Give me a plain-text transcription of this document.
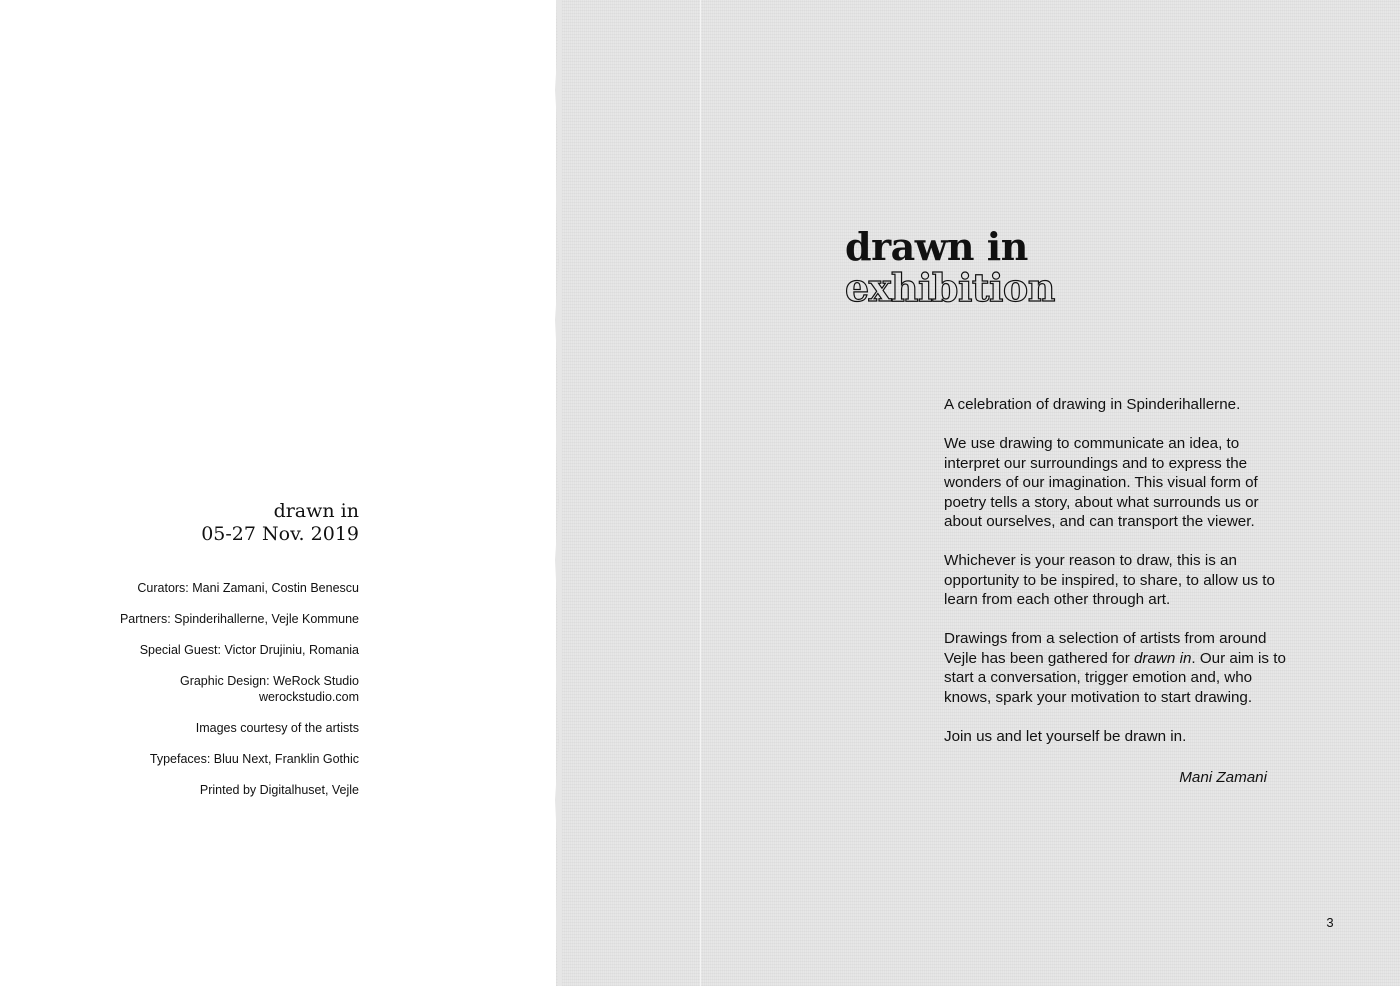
drawn in
05-27 Nov. 2019
Curators: Mani Zamani, Costin Benescu
Partners: Spinderihallerne, Vejle Kommune
Special Guest: Victor Drujiniu, Romania
Graphic Design: WeRock Studio
werockstudio.com
Images courtesy of the artists
Typefaces: Bluu Next, Franklin Gothic
Printed by Digitalhuset, Vejle
drawn in
exhibition

A celebration of drawing in Spinderihallerne.

We use drawing to communicate an idea, to interpret our surroundings and to express the wonders of our imagination. This visual form of poetry tells a story, about what surrounds us or about ourselves, and can transport the viewer.

Whichever is your reason to draw, this is an opportunity to be inspired, to share, to allow us to learn from each other through art.

Drawings from a selection of artists from around Vejle has been gathered for drawn in. Our aim is to start a conversation, trigger emotion and, who knows, spark your motivation to start drawing.

Join us and let yourself be drawn in.

Mani Zamani
3
